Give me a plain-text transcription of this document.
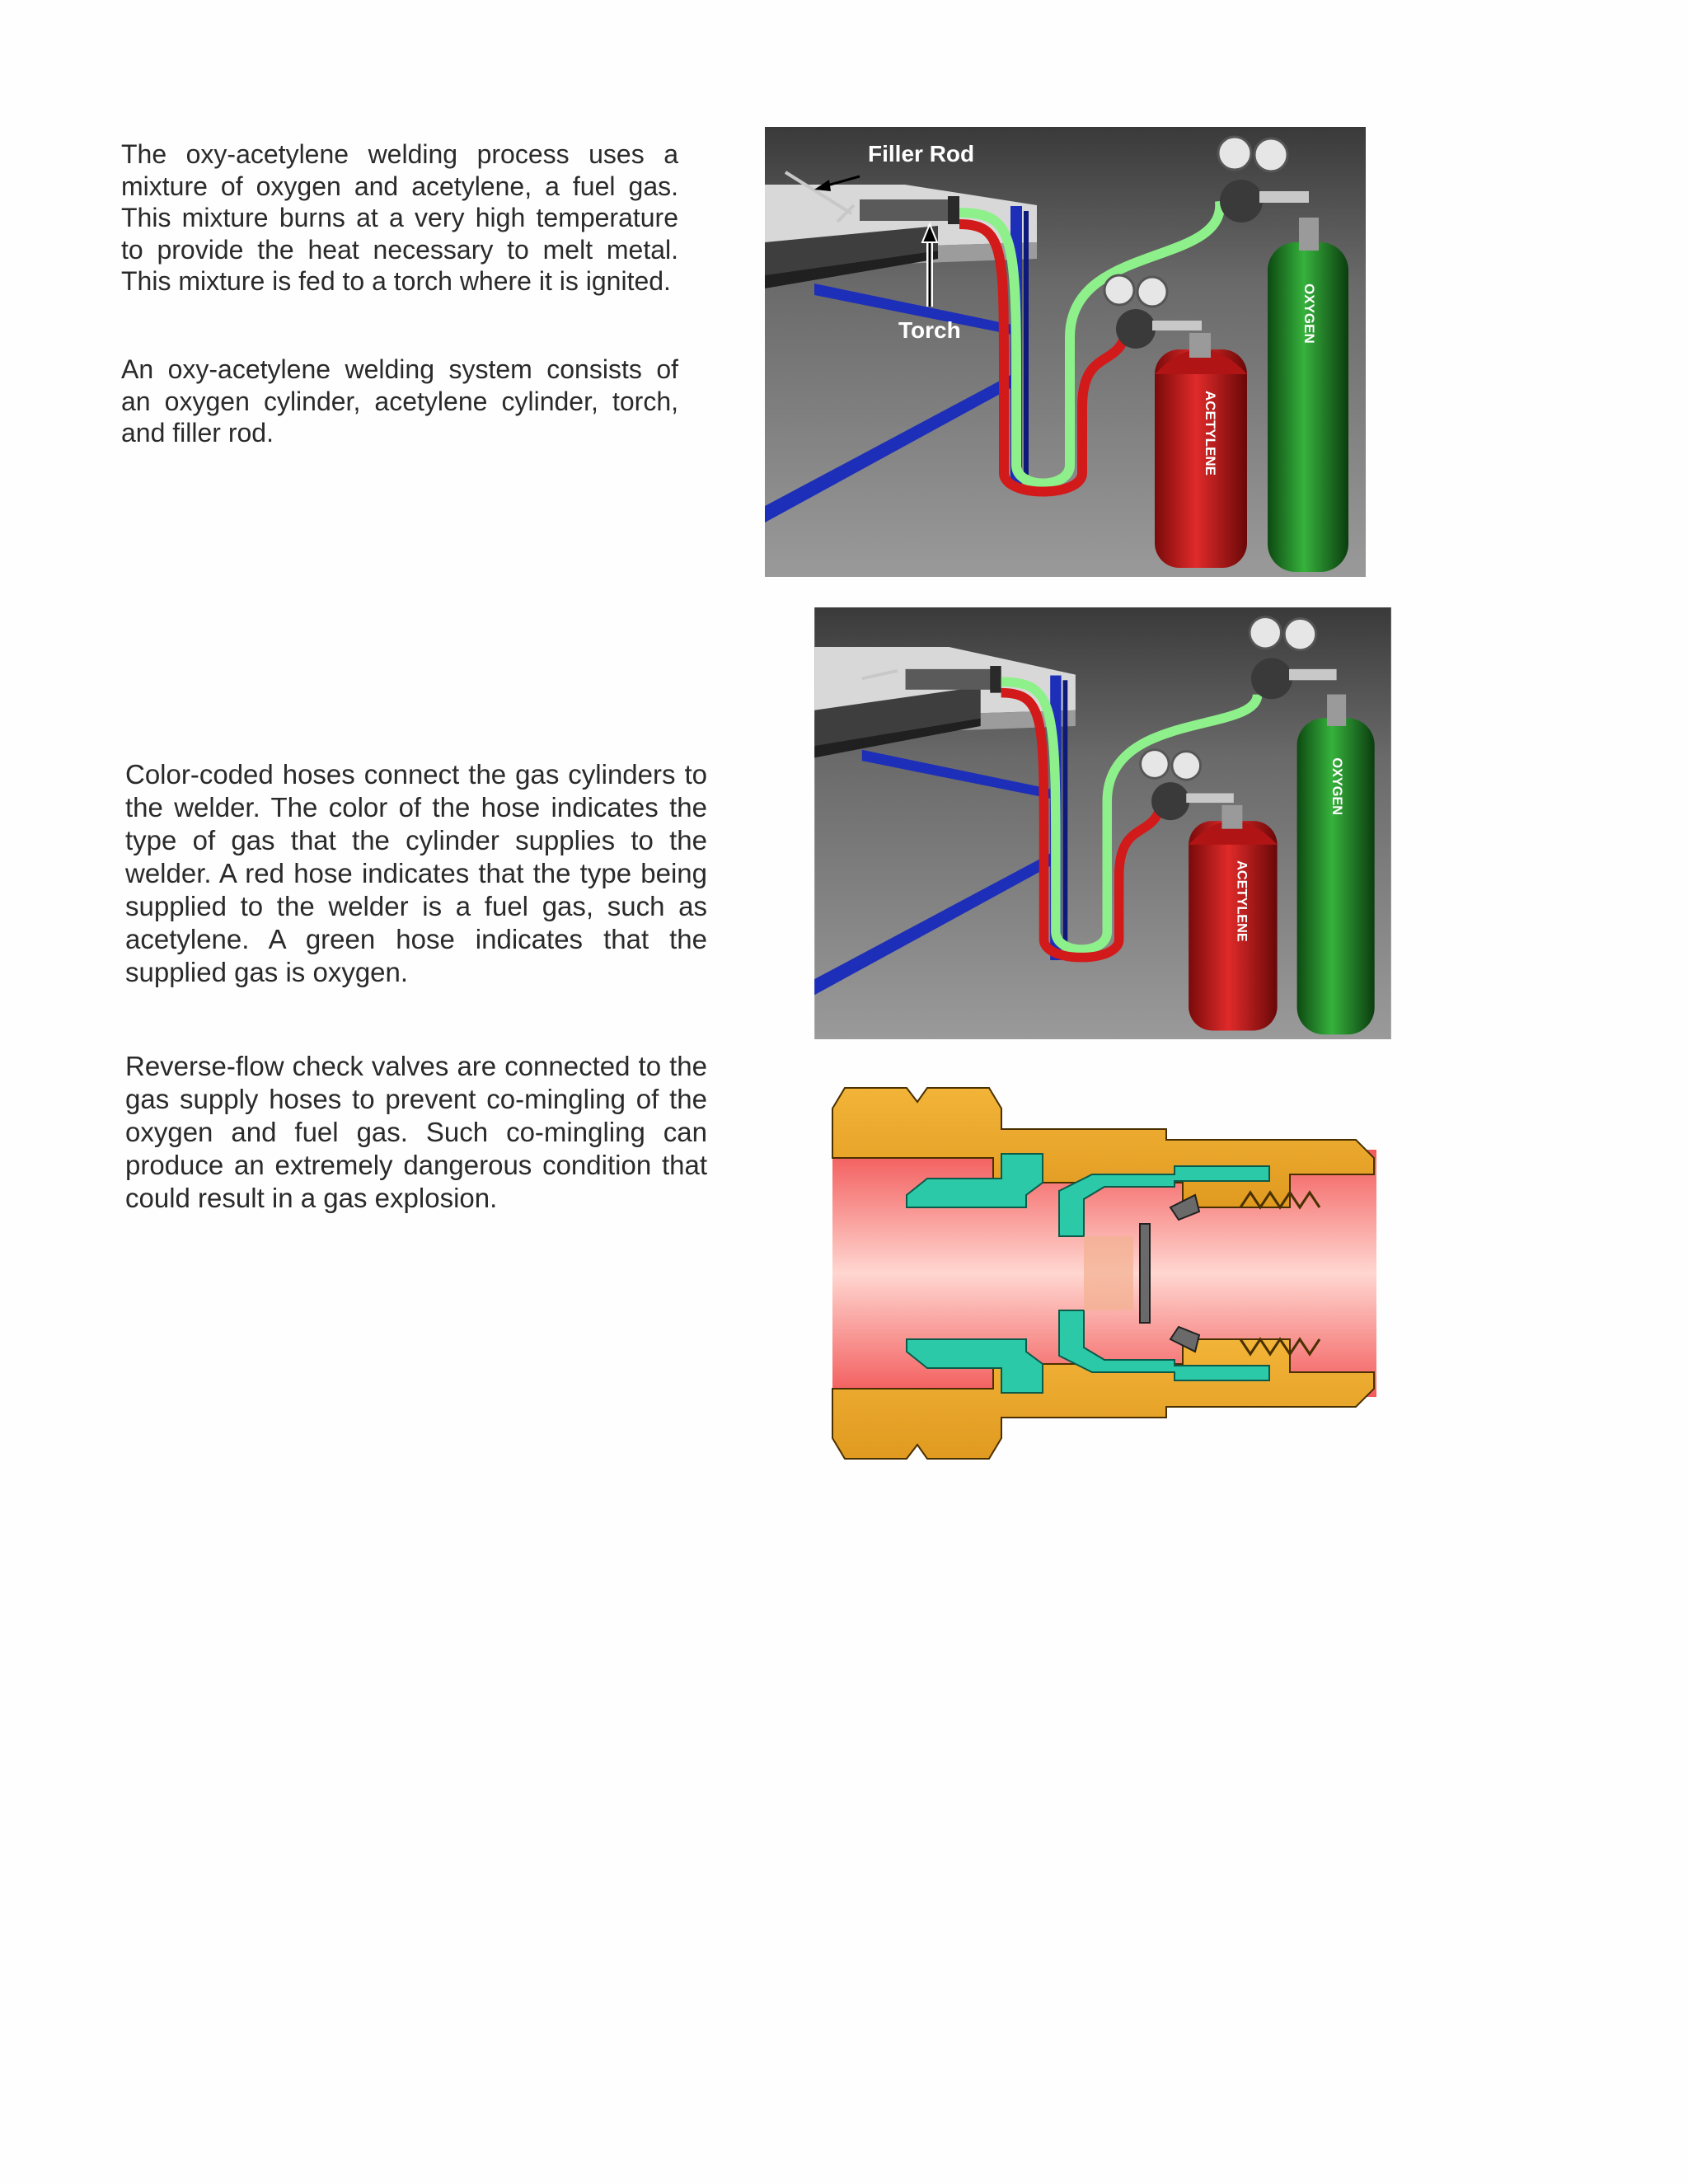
The oxy-acetylene welding process uses a mixture of oxygen and acetylene, a fuel gas. This mixture burns at a very high temperature to provide the heat necessary to melt metal. This mixture is fed to a torch where it is ignited.

An oxy-acetylene welding system consists of an oxygen cylinder, acetylene cylinder, torch, and filler rod.	ACETYLENE
OXYGEN
Filler Rod
Torch
ACETYLENE
OXYGEN

Color-coded hoses connect the gas cylinders to the welder. The color of the hose indicates the type of gas that the cylinder supplies to the welder. A red hose indicates that the type being supplied to the welder is a fuel gas, such as acetylene. A green hose indicates that the supplied gas is oxygen.

Reverse-flow check valves are connected to the gas supply hoses to prevent co-mingling of the oxygen and fuel gas. Such co-mingling can produce an extremely dangerous condition that could result in a gas explosion.
